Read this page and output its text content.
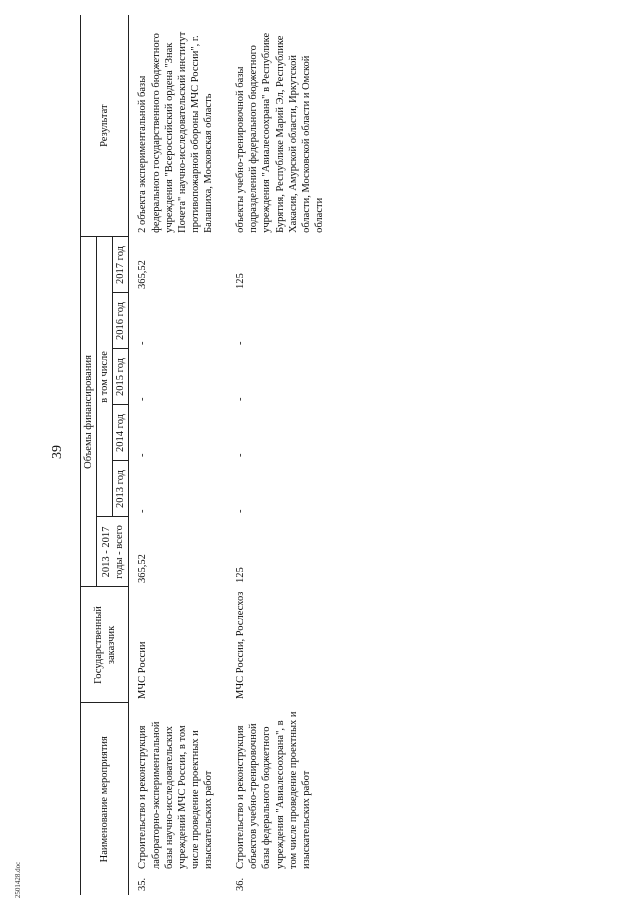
39
2501428.doc
Наименование мероприятия		Государственный заказчик	Объемы финансирования						Результат
			2013 - 2017 годы - всего	в том числе					
				2013 год	2014 год	2015 год	2016 год	2017 год	
35.	Строительство и реконструкция лабораторно-экспериментальной базы научно-исследовательских учреждений МЧС России, в том числе проведение проектных и изыскательских работ	МЧС России	365,52	-	-	-	-	365,52	2 объекта экспериментальной базы федерального государственного бюджетного учреждения "Всероссийский ордена "Знак Почета" научно-исследовательский институт противопожарной обороны МЧС России", г. Балашиха, Московская область
36.	Строительство и реконструкция объектов учебно-тренировочной базы федерального бюджетного учреждения "Авиалесоохрана", в том числе проведение проектных и изыскательских работ	МЧС России, Рослесхоз	125	-	-	-	-	125	объекты учебно-тренировочной базы подразделений федерального бюджетного учреждения "Авиалесоохрана" в Республике Бурятия, Республике Марий Эл, Республике Хакасия, Амурской области, Иркутской области, Московской области и Омской области
